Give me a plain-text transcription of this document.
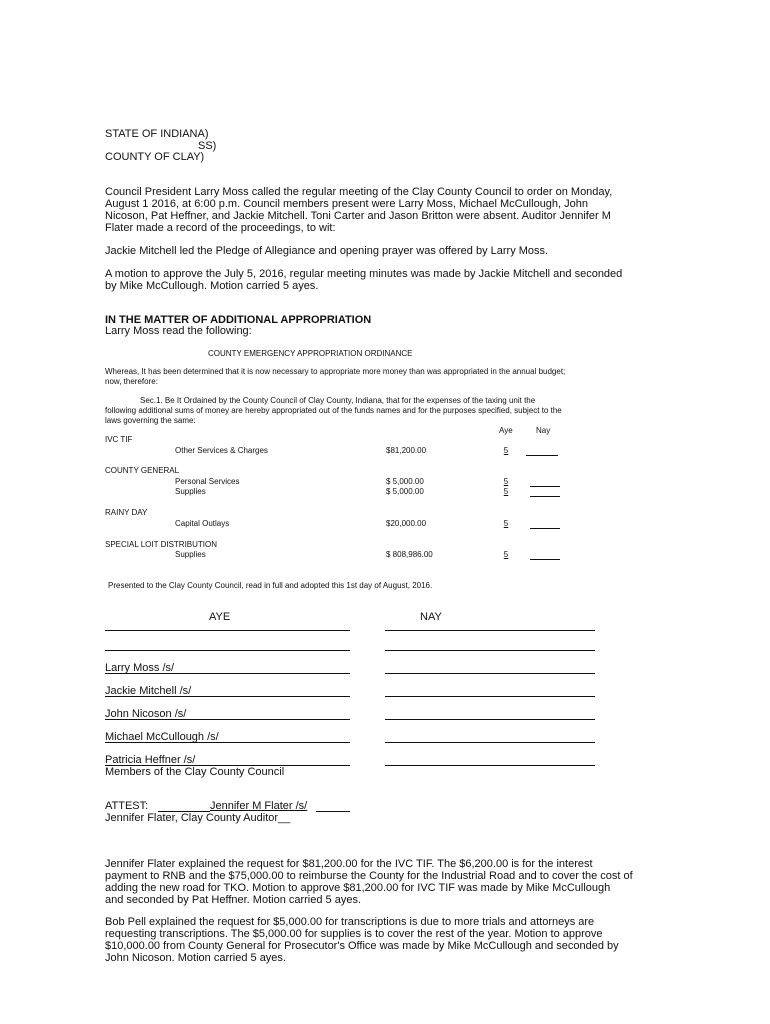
STATE OF INDIANA)
SS)
COUNTY OF CLAY)
Council President Larry Moss called the regular meeting of the Clay County Council to order on Monday,
August 1 2016, at 6:00 p.m. Council members present were Larry Moss, Michael McCullough, John
Nicoson, Pat Heffner, and Jackie Mitchell. Toni Carter and Jason Britton were absent. Auditor Jennifer M
Flater made a record of the proceedings, to wit:
Jackie Mitchell led the Pledge of Allegiance and opening prayer was offered by Larry Moss.
A motion to approve the July 5, 2016, regular meeting minutes was made by Jackie Mitchell and seconded
by Mike McCullough. Motion carried 5 ayes.
IN THE MATTER OF ADDITIONAL APPROPRIATION
Larry Moss read the following:
COUNTY EMERGENCY APPROPRIATION ORDINANCE
Whereas, It has been determined that it is now necessary to appropriate more money than was appropriated in the annual budget;
now, therefore:
Sec.1. Be It Ordained by the County Council of Clay County, Indiana, that for the expenses of the taxing unit the
following additional sums of money are hereby appropriated out of the funds names and for the purposes specified, subject to the
laws governing the same:
Aye	Nay
IVC TIF
Other Services & Charges	$81,200.00	5
COUNTY GENERAL
Personal Services	$ 5,000.00	5
Supplies	$ 5,000.00	5
RAINY DAY
Capital Outlays	$20,000.00	5
SPECIAL LOIT DISTRIBUTION
Supplies	$ 808,986.00	5
Presented to the Clay County Council, read in full and adopted this 1st day of August, 2016.
AYE	NAY
Larry Moss /s/
Jackie Mitchell /s/
John Nicoson /s/
Michael McCullough /s/
Patricia Heffner /s/
Members of the Clay County Council
ATTEST:	Jennifer M Flater /s/
Jennifer Flater, Clay County Auditor__
Jennifer Flater explained the request for $81,200.00 for the IVC TIF. The $6,200.00 is for the interest
payment to RNB and the $75,000.00 to reimburse the County for the Industrial Road and to cover the cost of
adding the new road for TKO. Motion to approve $81,200.00 for IVC TIF was made by Mike McCullough
and seconded by Pat Heffner. Motion carried 5 ayes.
Bob Pell explained the request for $5,000.00 for transcriptions is due to more trials and attorneys are
requesting transcriptions. The $5,000.00 for supplies is to cover the rest of the year. Motion to approve
$10,000.00 from County General for Prosecutor's Office was made by Mike McCullough and seconded by
John Nicoson. Motion carried 5 ayes.
